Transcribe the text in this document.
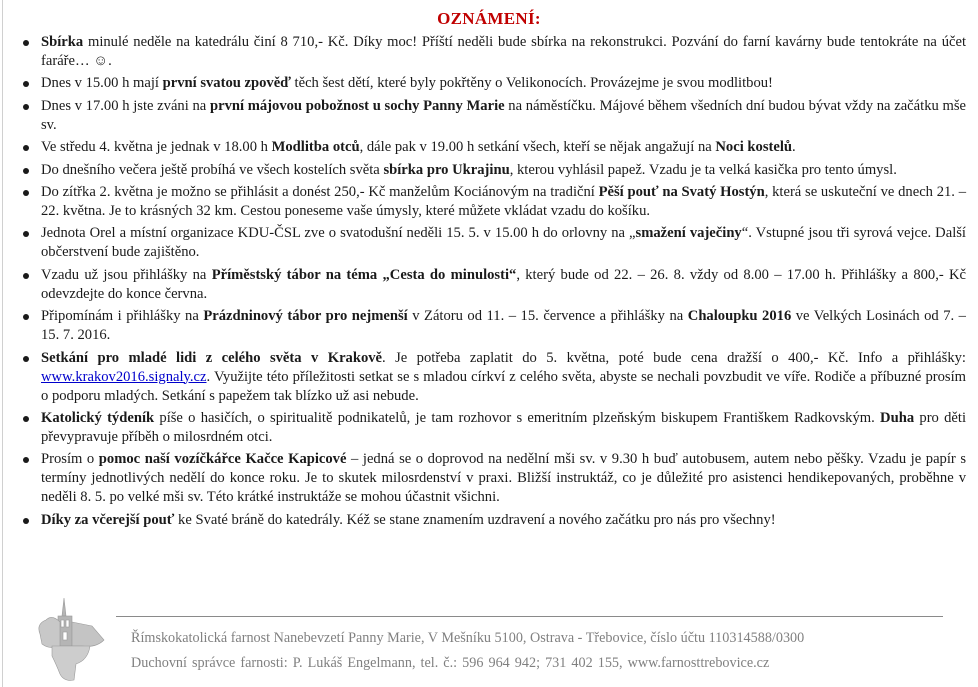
OZNÁMENÍ:
Sbírka minulé neděle na katedrálu činí 8 710,- Kč. Díky moc! Příští neděli bude sbírka na rekonstrukci. Pozvání do farní kavárny bude tentokráte na účet faráře… ☺.
Dnes v 15.00 h mají první svatou zpověď těch šest dětí, které byly pokřtěny o Velikonocích. Provázejme je svou modlitbou!
Dnes v 17.00 h jste zváni na první májovou pobožnost u sochy Panny Marie na náměstíčku. Májové během všedních dní budou bývat vždy na začátku mše sv.
Ve středu 4. května je jednak v 18.00 h Modlitba otců, dále pak v 19.00 h setkání všech, kteří se nějak angažují na Noci kostelů.
Do dnešního večera ještě probíhá ve všech kostelích světa sbírka pro Ukrajinu, kterou vyhlásil papež. Vzadu je ta velká kasička pro tento úmysl.
Do zítřka 2. května je možno se přihlásit a donést 250,- Kč manželům Kociánovým na tradiční Pěší pouť na Svatý Hostýn, která se uskuteční ve dnech 21. – 22. května. Je to krásných 32 km. Cestou poneseme vaše úmysly, které můžete vkládat vzadu do košíku.
Jednota Orel a místní organizace KDU-ČSL zve o svatodušní neděli 15. 5. v 15.00 h do orlovny na „smažení vaječiny“. Vstupné jsou tři syrová vejce. Další občerstvení bude zajištěno.
Vzadu už jsou přihlášky na Příměstský tábor na téma „Cesta do minulosti“, který bude od 22. – 26. 8. vždy od 8.00 – 17.00 h. Přihlášky a 800,- Kč odevzdejte do konce června.
Připomínám i přihlášky na Prázdninový tábor pro nejmenší v Zátoru od 11. – 15. července a přihlášky na Chaloupku 2016 ve Velkých Losinách od 7. – 15. 7. 2016.
Setkání pro mladé lidi z celého světa v Krakově. Je potřeba zaplatit do 5. května, poté bude cena dražší o 400,- Kč. Info a přihlášky: www.krakov2016.signaly.cz. Využijte této příležitosti setkat se s mladou církví z celého světa, abyste se nechali povzbudit ve víře. Rodiče a příbuzné prosím o podporu mladých. Setkání s papežem tak blízko už asi nebude.
Katolický týdeník píše o hasičích, o spiritualitě podnikatelů, je tam rozhovor s emeritním plzeňským biskupem Františkem Radkovským. Duha pro děti převypravuje příběh o milosrdném otci.
Prosím o pomoc naší vozíčkářce Kačce Kapicové – jedná se o doprovod na nedělní mši sv. v 9.30 h buď autobusem, autem nebo pěšky. Vzadu je papír s termíny jednotlivých nedělí do konce roku. Je to skutek milosrdenství v praxi. Bližší instruktáž, co je důležité pro asistenci hendikepovaných, proběhne v neděli 8. 5. po velké mši sv. Této krátké instruktáže se mohou účastnit všichni.
Díky za včerejší pouť ke Svaté bráně do katedrály. Kéž se stane znamením uzdravení a nového začátku pro nás pro všechny!
Římskokatolická farnost Nanebevzetí Panny Marie, V Mešníku 5100, Ostrava - Třebovice, číslo účtu 110314588/0300
Duchovní správce farnosti: P. Lukáš Engelmann, tel. č.: 596 964 942; 731 402 155, www.farnosttrebovice.cz
